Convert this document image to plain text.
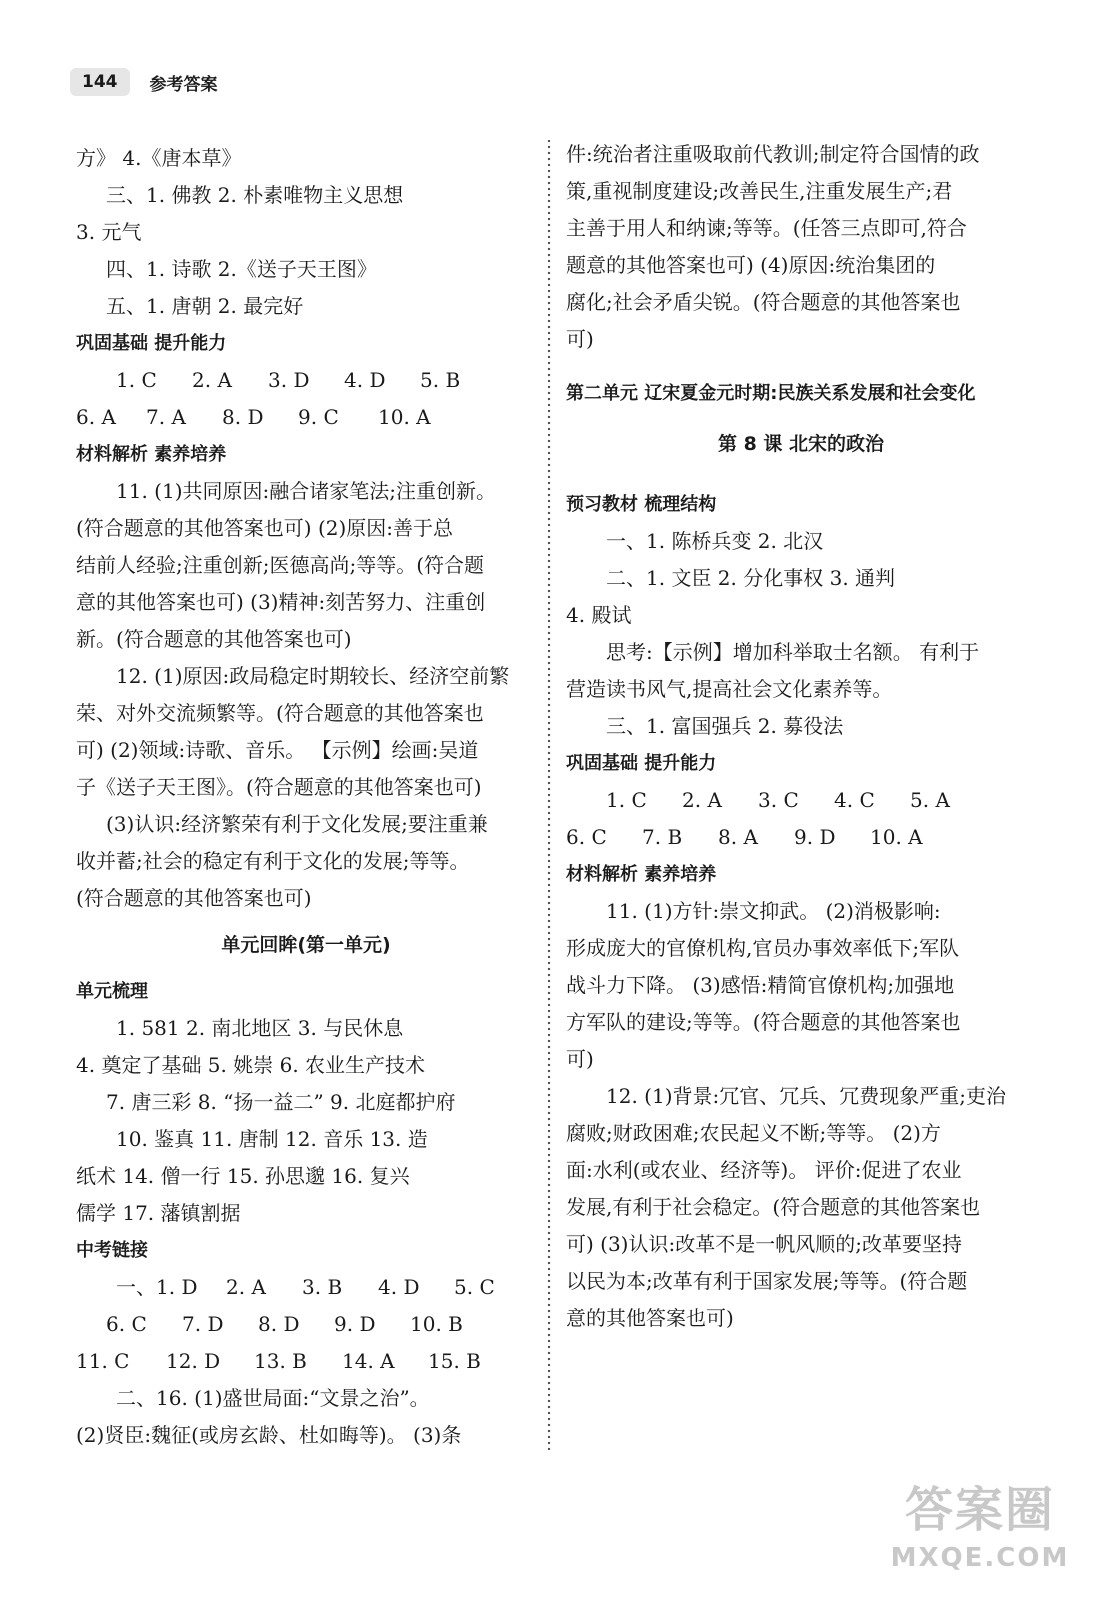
144	参考答案
方》 4.《唐本草》
三、1. 佛教 2. 朴素唯物主义思想
3. 元气
四、1. 诗歌 2.《送子天王图》
五、1. 唐朝 2. 最完好
巩固基础 提升能力
1. C 2. A 3. D 4. D 5. B
6. A 7. A 8. D 9. C 10. A
材料解析 素养培养
11. (1)共同原因:融合诸家笔法;注重创新。
(符合题意的其他答案也可) (2)原因:善于总
结前人经验;注重创新;医德高尚;等等。(符合题
意的其他答案也可) (3)精神:刻苦努力、注重创
新。(符合题意的其他答案也可)
12. (1)原因:政局稳定时期较长、经济空前繁
荣、对外交流频繁等。(符合题意的其他答案也
可) (2)领域:诗歌、音乐。 【示例】绘画:吴道
子《送子天王图》。(符合题意的其他答案也可)
(3)认识:经济繁荣有利于文化发展;要注重兼
收并蓄;社会的稳定有利于文化的发展;等等。
(符合题意的其他答案也可)
单元回眸(第一单元)
单元梳理
1. 581 2. 南北地区 3. 与民休息
4. 奠定了基础 5. 姚崇 6. 农业生产技术
7. 唐三彩 8. “扬一益二” 9. 北庭都护府
10. 鉴真 11. 唐制 12. 音乐 13. 造
纸术 14. 僧一行 15. 孙思邈 16. 复兴
儒学 17. 藩镇割据
中考链接
一、1. D 2. A 3. B 4. D 5. C
6. C 7. D 8. D 9. D 10. B
11. C 12. D 13. B 14. A 15. B
二、16. (1)盛世局面:“文景之治”。
(2)贤臣:魏征(或房玄龄、杜如晦等)。 (3)条
件:统治者注重吸取前代教训;制定符合国情的政
策,重视制度建设;改善民生,注重发展生产;君
主善于用人和纳谏;等等。(任答三点即可,符合
题意的其他答案也可) (4)原因:统治集团的
腐化;社会矛盾尖锐。(符合题意的其他答案也
可)
第二单元 辽宋夏金元时期:民族关系发展和社会变化
第 8 课 北宋的政治
预习教材 梳理结构
一、1. 陈桥兵变 2. 北汉
二、1. 文臣 2. 分化事权 3. 通判
4. 殿试
思考:【示例】增加科举取士名额。 有利于
营造读书风气,提高社会文化素养等。
三、1. 富国强兵 2. 募役法
巩固基础 提升能力
1. C 2. A 3. C 4. C 5. A
6. C 7. B 8. A 9. D 10. A
材料解析 素养培养
11. (1)方针:崇文抑武。 (2)消极影响:
形成庞大的官僚机构,官员办事效率低下;军队
战斗力下降。 (3)感悟:精简官僚机构;加强地
方军队的建设;等等。(符合题意的其他答案也
可)
12. (1)背景:冗官、冗兵、冗费现象严重;吏治
腐败;财政困难;农民起义不断;等等。 (2)方
面:水利(或农业、经济等)。 评价:促进了农业
发展,有利于社会稳定。(符合题意的其他答案也
可) (3)认识:改革不是一帆风顺的;改革要坚持
以民为本;改革有利于国家发展;等等。(符合题
意的其他答案也可)
答案圈
MXQE.COM
